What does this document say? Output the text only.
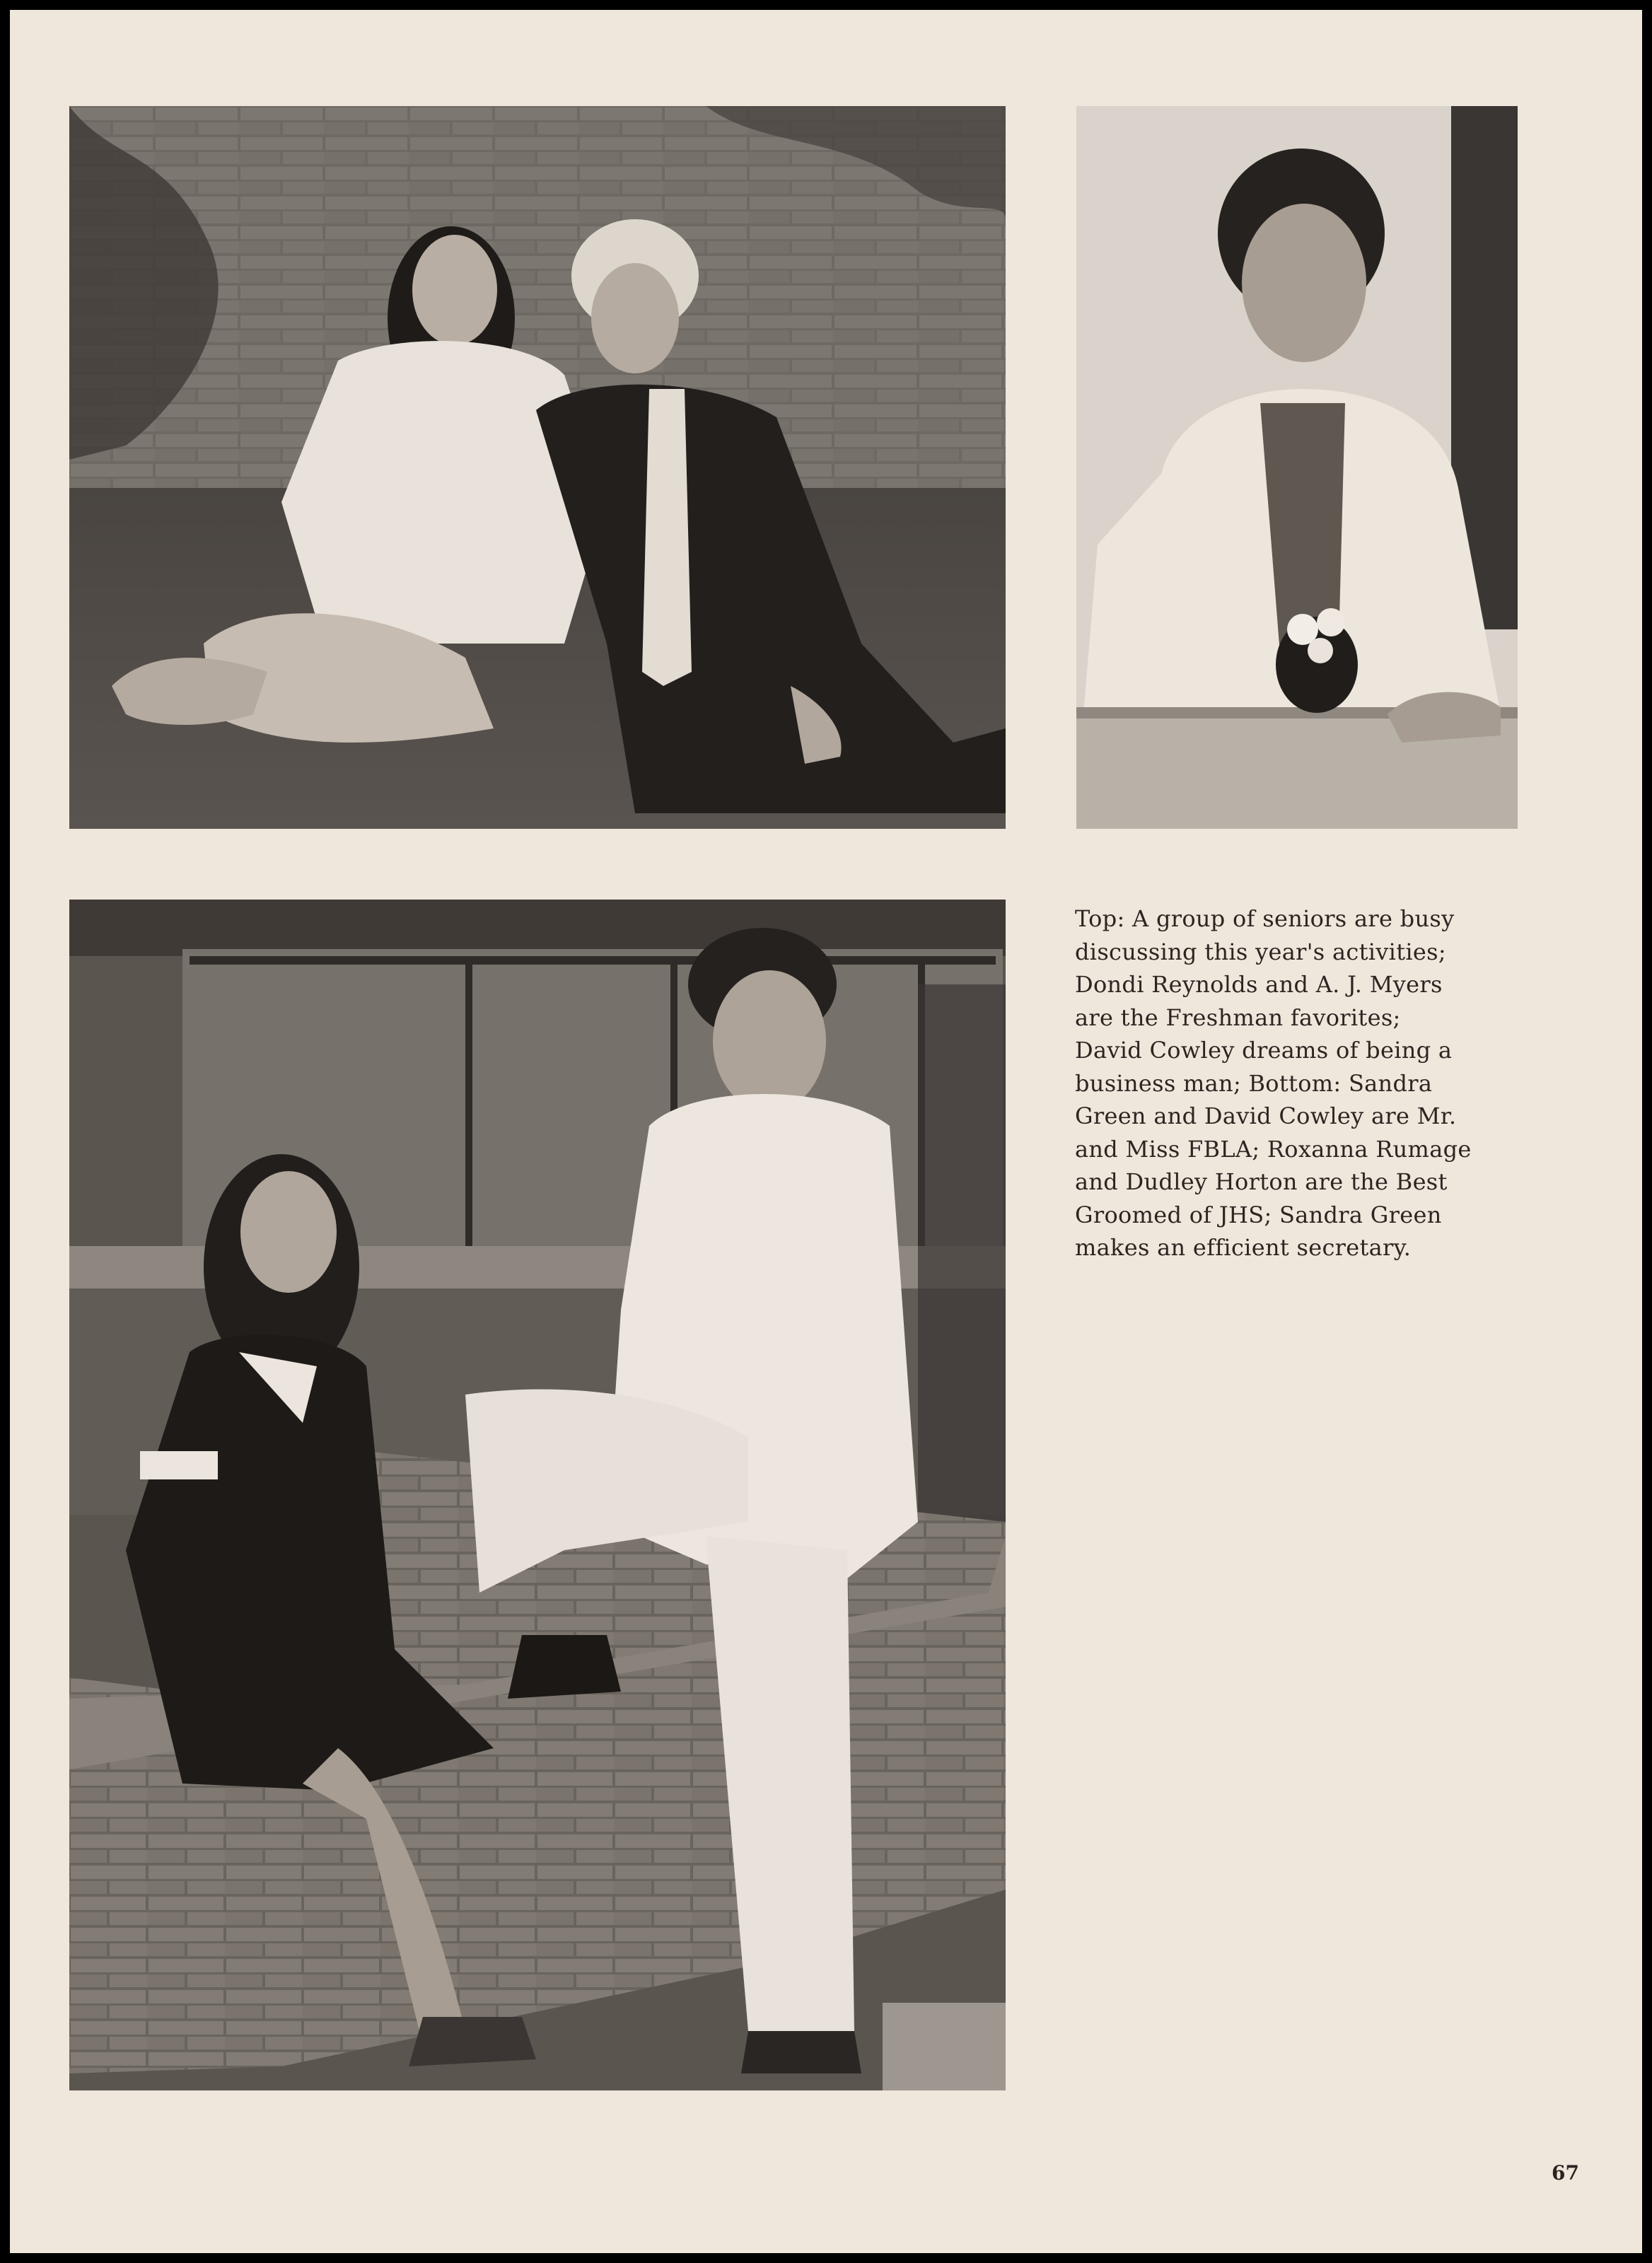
Top: A group of seniors are busy
discussing this year's activities;
Dondi Reynolds and A. J. Myers
are the Freshman favorites;
David Cowley dreams of being a
business man; Bottom: Sandra
Green and David Cowley are Mr.
and Miss FBLA; Roxanna Rumage
and Dudley Horton are the Best
Groomed of JHS; Sandra Green
makes an efficient secretary.
67
